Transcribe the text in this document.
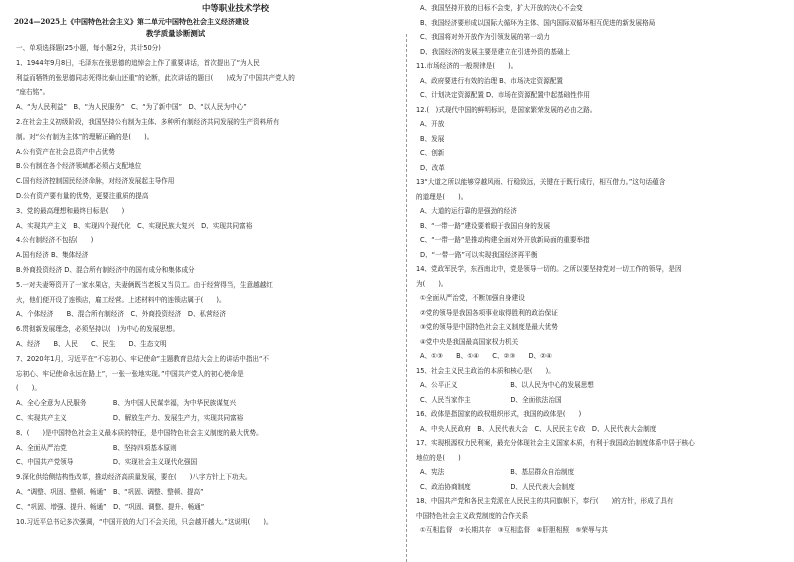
中等职业技术学校
2024—2025上《中国特色社会主义》第二单元中国特色社会主义经济建设
教学质量诊断测试
一、单项选择题(25小题，每小题2分，共计50分)
1、1944年9月8日，毛泽东在张思德的追悼会上作了重要讲话，首次提出了“为人民
利益而牺牲的张思德同志死得比泰山还重”的论断，此次讲话的题目(　　)成为了中国共产党人的
“座右铭”。
A、“为人民利益”　B、“为人民服务”　C、“为了新中国”　D、“以人民为中心”
2.在社会主义初级阶段，我国坚持公有制为主体、多种所有制经济共同发展的生产资料所有
制。对“公有制为主体”的理解正确的是(　　)。
A.公有资产在社会总资产中占优势
B.公有制在各个经济领域都必须占支配地位
C.国有经济控制国民经济命脉，对经济发展起主导作用
D.公有资产要有量的优势，更要注重质的提高
3、党的最高理想和最终目标是(　　)
A、实现共产主义　B、实现四个现代化　C、实现民族大复兴　D、实现共同富裕
4.公有制经济不包括(　　)
A.国有经济 B、集体经济
B.外商投资经济 D、混合所有制经济中的国有成分和集体成分
5.一对夫妻筹资开了一家水果店，夫妻俩既当老板又当员工。由于经营得当，生意越越红
火，他们便开设了连锁店，雇工经营。上述材料中的连锁店属于(　　)。
A、个体经济　　B、混合所有制经济　C、外商投资经济　D、私营经济
6.贯彻新发展理念，必须坚持以(　)为中心的发展思想。
A、经济　　B、人民　　C、民生　　D、生态文明
7、2020年1月，习近平在“不忘初心、牢记使命”主题教育总结大会上的讲话中指出“不
忘初心、牢记使命永远在路上”，一张一张地实现。”中国共产党人的初心使命是
(　　)。
A、全心全意为人民服务　　　　B、为中国人民谋幸福，为中华民族谋复兴
C、实现共产主义　　　　　　　D、解放生产力、发展生产力，实现共同富裕
8、(　　)是中国特色社会主义最本质的特征，是中国特色社会主义制度的最大优势。
A、全面从严治党　　　　　　　B、坚持四项基本原则
C、中国共产党领导　　　　　　D、实现社会主义现代化强国
9.深化供给侧结构性改革，推动经济高质量发展，要在(　　)八字方针上下功夫。
A、“调整、巩固、整顿、畅通”　B、“巩固、调整、整顿、提高”
C、“巩固、增强、提升、畅通”　D、“巩固、调整、提升、畅通”
10.习近平总书记多次强调，“中国开放的大门不会关闭，只会越开越大。”这说明(　　)。
A、我国坚持开放的目标不会变，扩大开放的决心不会变
B、我国经济要形成以国际大循环为主体、国内国际双循环相互促进的新发展格局
C、我国将对外开放作为引领发展的第一动力
D、我国经济的发展主要是建立在引进外资的基础上
11.市场经济的一般规律是(　　)。
A、政府要进行有效的治理 B、市场决定资源配置
C、计划决定资源配置 D、市场在资源配置中起基础性作用
12.(　)式现代中国的鲜明标识，是国家繁荣发展的必由之路。
A、开放
B、发展
C、创新
D、改革
13“大道之所以能够穿越风雨、行稳致远，关键在于既行成行，相互借力。”这句话蕴含
的道理是(　　)。
A、大道的运行靠的是强劲的经济
B、“一带一路”建设要着眼于我国自身的发展
C、“一带一路”是推动构建全面对外开放新局面的重要举措
D、“一带一路”可以实现我国经济再平衡
14、党政军民学，东西南北中，党是领导一切的。之所以要坚持党对一切工作的领导，是因
为(　　)。
①全面从严治党，不断加强自身建设
②党的领导是我国各项事业取得胜利的政治保证
③党的领导是中国特色社会主义制度是最大优势
④党中央是我国最高国家权力机关
A、①③　　B、①④　　C、②③　　D、②④
15、社会主义民主政治的本质和核心是(　　)。
A、公平正义　　　　　　　　B、以人民为中心的发展思想
C、人民当家作主　　　　　　D、全面依法治国
16、政体是指国家的政权组织形式，我国的政体是(　　)
A、中央人民政府　B、人民代表大会　C、人民民主专政　D、人民代表大会制度
17、实现根源权力民利案，最充分体现社会主义国家本质，有利于我国政治制度体系中居于核心
地位的是(　　)
A、宪法　　　　　　　　　　B、基层群众自治制度
C、政治协商制度　　　　　　D、人民代表大会制度
18、中国共产党和各民主党派在人民民主的共同旗帜下，奉行(　　)的方针，形成了具有
中国特色社会主义政党制度的合作关系
①互相监督　②长期共存　③互相监督　④肝胆相照　⑤荣辱与共
